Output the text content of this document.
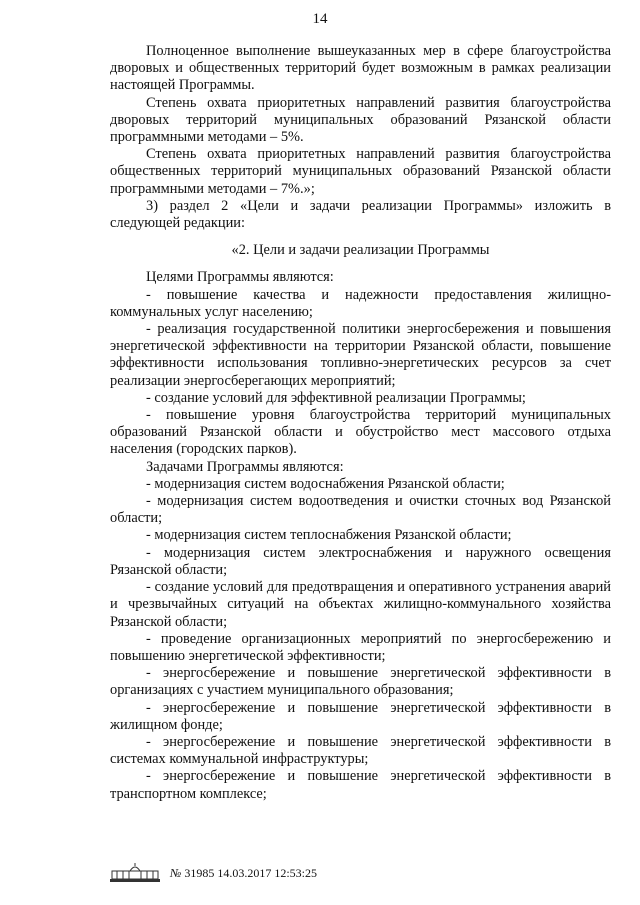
14

Полноценное выполнение вышеуказанных мер в сфере благоустройства дворовых и общественных территорий будет возможным в рамках реализации настоящей Программы.

Степень охвата приоритетных направлений развития благоустройства дворовых территорий муниципальных образований Рязанской области программными методами – 5%.

Степень охвата приоритетных направлений развития благоустройства общественных территорий муниципальных образований Рязанской области программными методами – 7%.»;

3) раздел 2 «Цели и задачи реализации Программы» изложить в следующей редакции:

«2. Цели и задачи реализации Программы

Целями Программы являются:

- повышение качества и надежности предоставления жилищно-коммунальных услуг населению;

- реализация государственной политики энергосбережения и повышения энергетической эффективности на территории Рязанской области, повышение эффективности использования топливно-энергетических ресурсов за счет реализации энергосберегающих мероприятий;

- создание условий для эффективной реализации Программы;

- повышение уровня благоустройства территорий муниципальных образований Рязанской области и обустройство мест массового отдыха населения (городских парков).

Задачами Программы являются:

- модернизация систем водоснабжения Рязанской области;

- модернизация систем водоотведения и очистки сточных вод Рязанской области;

- модернизация систем теплоснабжения Рязанской области;

- модернизация систем электроснабжения и наружного освещения Рязанской области;

- создание условий для предотвращения и оперативного устранения аварий и чрезвычайных ситуаций на объектах жилищно-коммунального хозяйства Рязанской области;

- проведение организационных мероприятий по энергосбережению и повышению энергетической эффективности;

- энергосбережение и повышение энергетической эффективности в организациях с участием муниципального образования;

- энергосбережение и повышение энергетической эффективности в жилищном фонде;

- энергосбережение и повышение энергетической эффективности в системах коммунальной инфраструктуры;

- энергосбережение и повышение энергетической эффективности в транспортном комплексе;

№ 31985 14.03.2017 12:53:25
